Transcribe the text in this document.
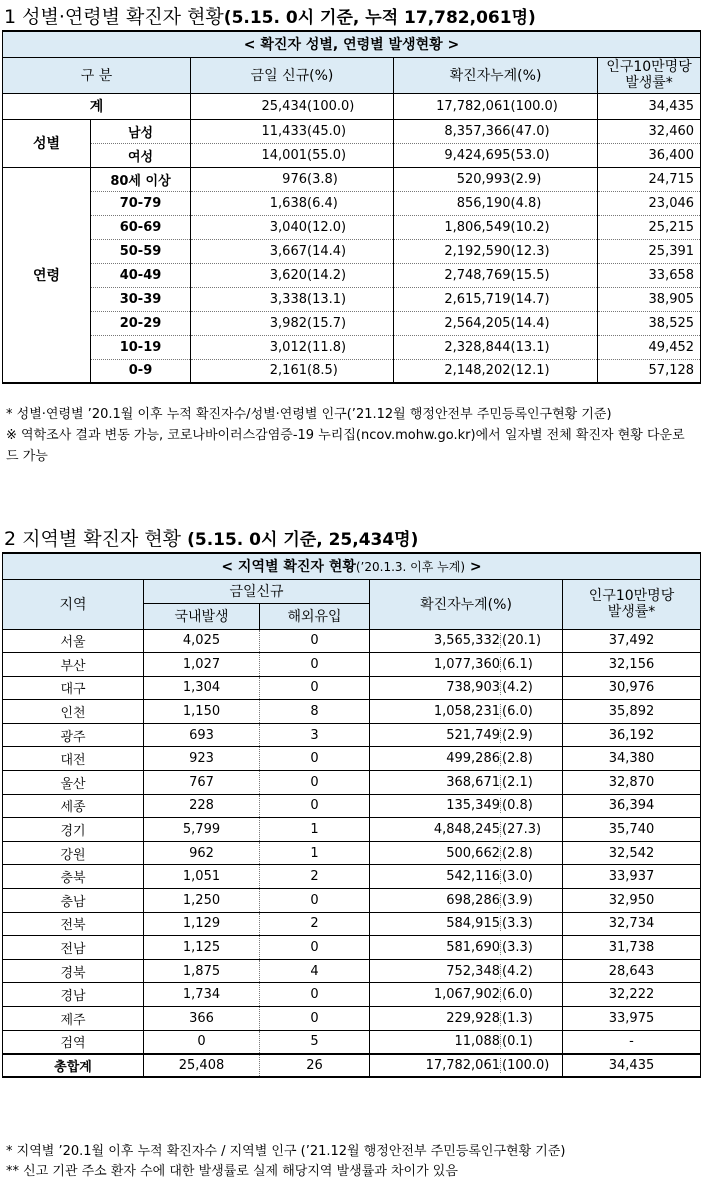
1 성별·연령별 확진자 현황(5.15. 0시 기준, 누적 17,782,061명)
< 확진자 성별, 연령별 발생현황 >				
구 분		금일 신규(%)	확진자누계(%)	인구10만명당
발생률*
계		25,434(100.0)	17,782,061(100.0)	34,435
성별	남성	11,433(45.0)	8,357,366(47.0)	32,460
	여성	14,001(55.0)	9,424,695(53.0)	36,400
연령	80세 이상	976(3.8)	520,993(2.9)	24,715
	70-79	1,638(6.4)	856,190(4.8)	23,046
	60-69	3,040(12.0)	1,806,549(10.2)	25,215
	50-59	3,667(14.4)	2,192,590(12.3)	25,391
	40-49	3,620(14.2)	2,748,769(15.5)	33,658
	30-39	3,338(13.1)	2,615,719(14.7)	38,905
	20-29	3,982(15.7)	2,564,205(14.4)	38,525
	10-19	3,012(11.8)	2,328,844(13.1)	49,452
	0-9	2,161(8.5)	2,148,202(12.1)	57,128
* 성별·연령별 ’20.1월 이후 누적 확진자수/성별·연령별 인구(’21.12월 행정안전부 주민등록인구현황 기준)
※ 역학조사 결과 변동 가능, 코로나바이러스감염증-19 누리집(ncov.mohw.go.kr)에서 일자별 전체 확진자 현황 다운로드 가능
2 지역별 확진자 현황 (5.15. 0시 기준, 25,434명)
< 지역별 확진자 현황(’20.1.3. 이후 누계) >				
지역	금일신규		확진자누계(%)	인구10만명당
발생률*
	국내발생	해외유입		
서울	4,025	0	3,565,332 (20.1)	37,492
부산	1,027	0	1,077,360 (6.1)	32,156
대구	1,304	0	738,903 (4.2)	30,976
인천	1,150	8	1,058,231 (6.0)	35,892
광주	693	3	521,749 (2.9)	36,192
대전	923	0	499,286 (2.8)	34,380
울산	767	0	368,671 (2.1)	32,870
세종	228	0	135,349 (0.8)	36,394
경기	5,799	1	4,848,245 (27.3)	35,740
강원	962	1	500,662 (2.8)	32,542
충북	1,051	2	542,116 (3.0)	33,937
충남	1,250	0	698,286 (3.9)	32,950
전북	1,129	2	584,915 (3.3)	32,734
전남	1,125	0	581,690 (3.3)	31,738
경북	1,875	4	752,348 (4.2)	28,643
경남	1,734	0	1,067,902 (6.0)	32,222
제주	366	0	229,928 (1.3)	33,975
검역	0	5	11,088 (0.1)	-
총합계	25,408	26	17,782,061 (100.0)	34,435
* 지역별 ’20.1월 이후 누적 확진자수 / 지역별 인구 (’21.12월 행정안전부 주민등록인구현황 기준)
** 신고 기관 주소 환자 수에 대한 발생률로 실제 해당지역 발생률과 차이가 있음
